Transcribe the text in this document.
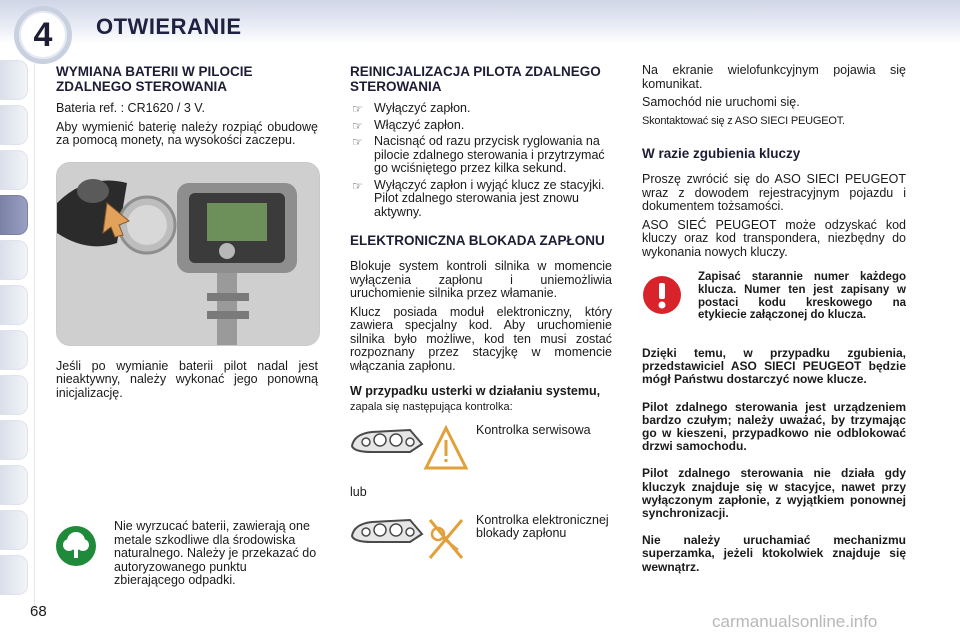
4	OTWIERANIE
WYMIANA BATERII W PILOCIE ZDALNEGO STEROWANIA

Bateria ref. : CR1620 / 3 V.

Aby wymienić baterię należy rozpiąć obudowę za pomocą monety, na wysokości zaczepu.

Jeśli po wymianie baterii pilot nadal jest nieaktywny, należy wykonać jego ponowną inicjalizację.

Nie wyrzucać baterii, zawierają one metale szkodliwe dla środowiska naturalnego. Należy je przekazać do autoryzowanego punktu zbierającego odpadki.

REINICJALIZACJA PILOTA ZDALNEGO STEROWANIA
☞ Wyłączyć zapłon.
☞ Włączyć zapłon.
☞ Nacisnąć od razu przycisk ryglowania na pilocie zdalnego sterowania i przytrzymać go wciśniętego przez kilka sekund.
☞ Wyłączyć zapłon i wyjąć klucz ze stacyjki. Pilot zdalnego sterowania jest znowu aktywny.
ELEKTRONICZNA BLOKADA ZAPŁONU

Blokuje system kontroli silnika w momencie wyłączenia zapłonu i uniemożliwia uruchomienie silnika przez włamanie.

Klucz posiada moduł elektroniczny, który zawiera specjalny kod. Aby uruchomienie silnika było możliwe, kod ten musi zostać rozpoznany przez stacyjkę w momencie włączania zapłonu.

W przypadku usterki w działaniu systemu, zapala się następująca kontrolka:

Kontrolka serwisowa

lub

Kontrolka elektronicznej blokady zapłonu

Na ekranie wielofunkcyjnym pojawia się komunikat.

Samochód nie uruchomi się.

Skontaktować się z ASO SIECI PEUGEOT.

W razie zgubienia kluczy

Proszę zwrócić się do ASO SIECI PEUGEOT wraz z dowodem rejestracyjnym pojazdu i dokumentem tożsamości.

ASO SIEĆ PEUGEOT może odzyskać kod kluczy oraz kod transpondera, niezbędny do wykonania nowych kluczy.

Zapisać starannie numer każdego klucza. Numer ten jest zapisany w postaci kodu kreskowego na etykiecie załączonej do klucza.

Dzięki temu, w przypadku zgubienia, przedstawiciel ASO SIECI PEUGEOT będzie mógł Państwu dostarczyć nowe klucze.

Pilot zdalnego sterowania jest urządzeniem bardzo czułym; należy uważać, by trzymając go w kieszeni, przypadkowo nie odblokować drzwi samochodu.

Pilot zdalnego sterowania nie działa gdy kluczyk znajduje się w stacyjce, nawet przy wyłączonym zapłonie, z wyjątkiem ponownej synchronizacji.

Nie należy uruchamiać mechanizmu superzamka, jeżeli ktokolwiek znajduje się wewnątrz.

68
carmanualsonline.info
